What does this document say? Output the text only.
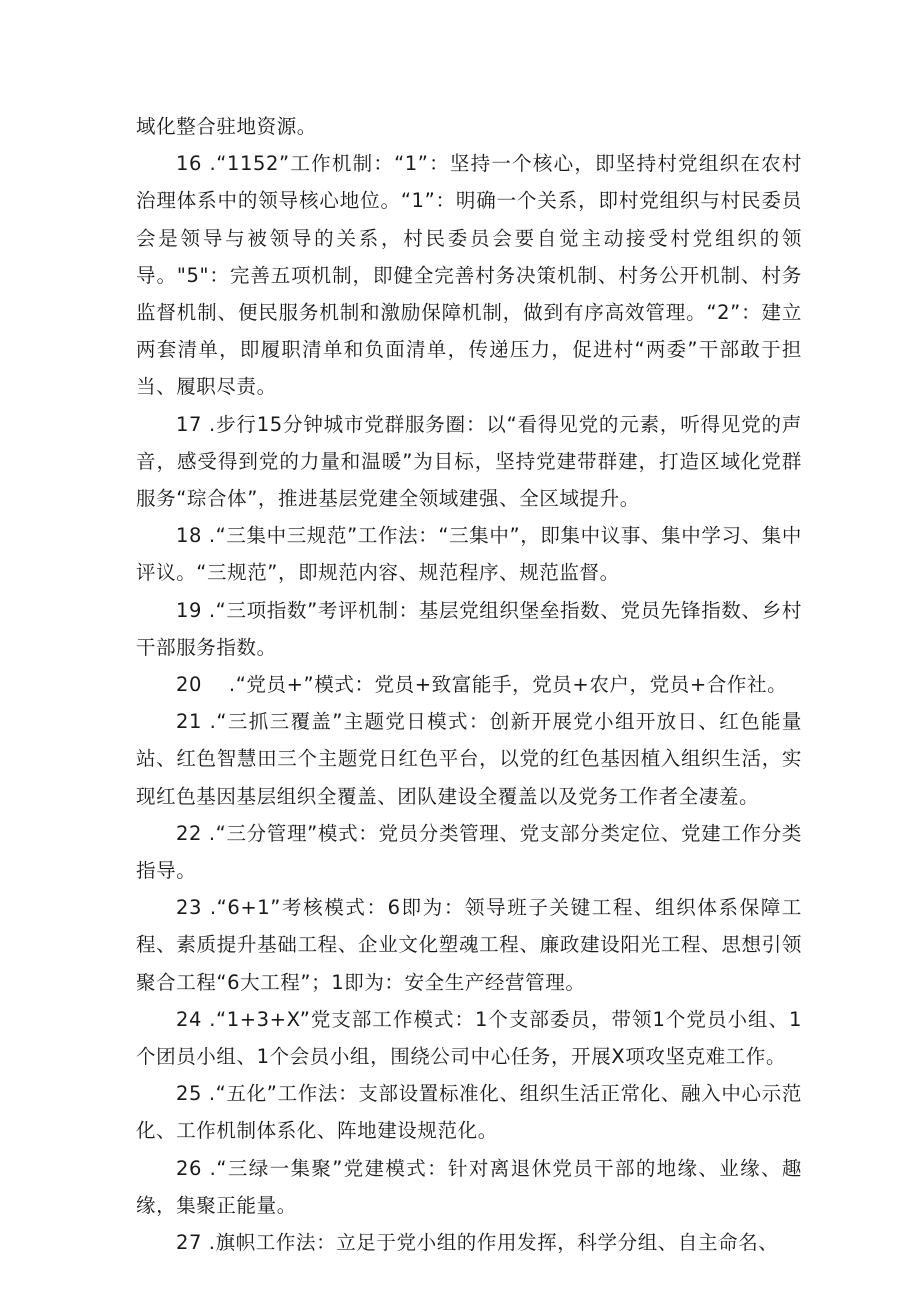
域化整合驻地资源。

16 .“1152”工作机制：“1”：坚持一个核心，即坚持村党组织在农村治理体系中的领导核心地位。“1”：明确一个关系，即村党组织与村民委员会是领导与被领导的关系，村民委员会要自觉主动接受村党组织的领导。"5"：完善五项机制，即健全完善村务决策机制、村务公开机制、村务监督机制、便民服务机制和激励保障机制，做到有序高效管理。“2”：建立两套清单，即履职清单和负面清单，传递压力，促进村“两委”干部敢于担当、履职尽责。

17 .步行15分钟城市党群服务圈：以“看得见党的元素，听得见党的声音，感受得到党的力量和温暖”为目标，坚持党建带群建，打造区域化党群服务“琮合体”，推进基层党建全领域建强、全区域提升。

18 .“三集中三规范”工作法：“三集中”，即集中议事、集中学习、集中评议。“三规范”，即规范内容、规范程序、规范监督。

19 .“三项指数”考评机制：基层党组织堡垒指数、党员先锋指数、乡村干部服务指数。

20　 .“党员+”模式：党员+致富能手，党员+农户，党员+合作社。

21 .“三抓三覆盖”主题党日模式：创新开展党小组开放日、红色能量站、红色智慧田三个主题党日红色平台，以党的红色基因植入组织生活，实现红色基因基层组织全覆盖、团队建设全覆盖以及党务工作者全凄羞。

22 .“三分管理”模式：党员分类管理、党支部分类定位、党建工作分类指导。

23 .“6+1”考核模式：6即为：领导班子关键工程、组织体系保障工程、素质提升基础工程、企业文化塑魂工程、廉政建设阳光工程、思想引领聚合工程“6大工程”；1即为：安全生产经营管理。

24 .“1+3+X”党支部工作模式：1个支部委员，带领1个党员小组、1个团员小组、1个会员小组，围绕公司中心任务，开展X项攻坚克难工作。

25 .“五化”工作法：支部设置标准化、组织生活正常化、融入中心示范化、工作机制体系化、阵地建设规范化。

26 .“三绿一集聚”党建模式：针对离退休党员干部的地缘、业缘、趣缘，集聚正能量。

27 .旗帜工作法：立足于党小组的作用发挥，科学分组、自主命名、
